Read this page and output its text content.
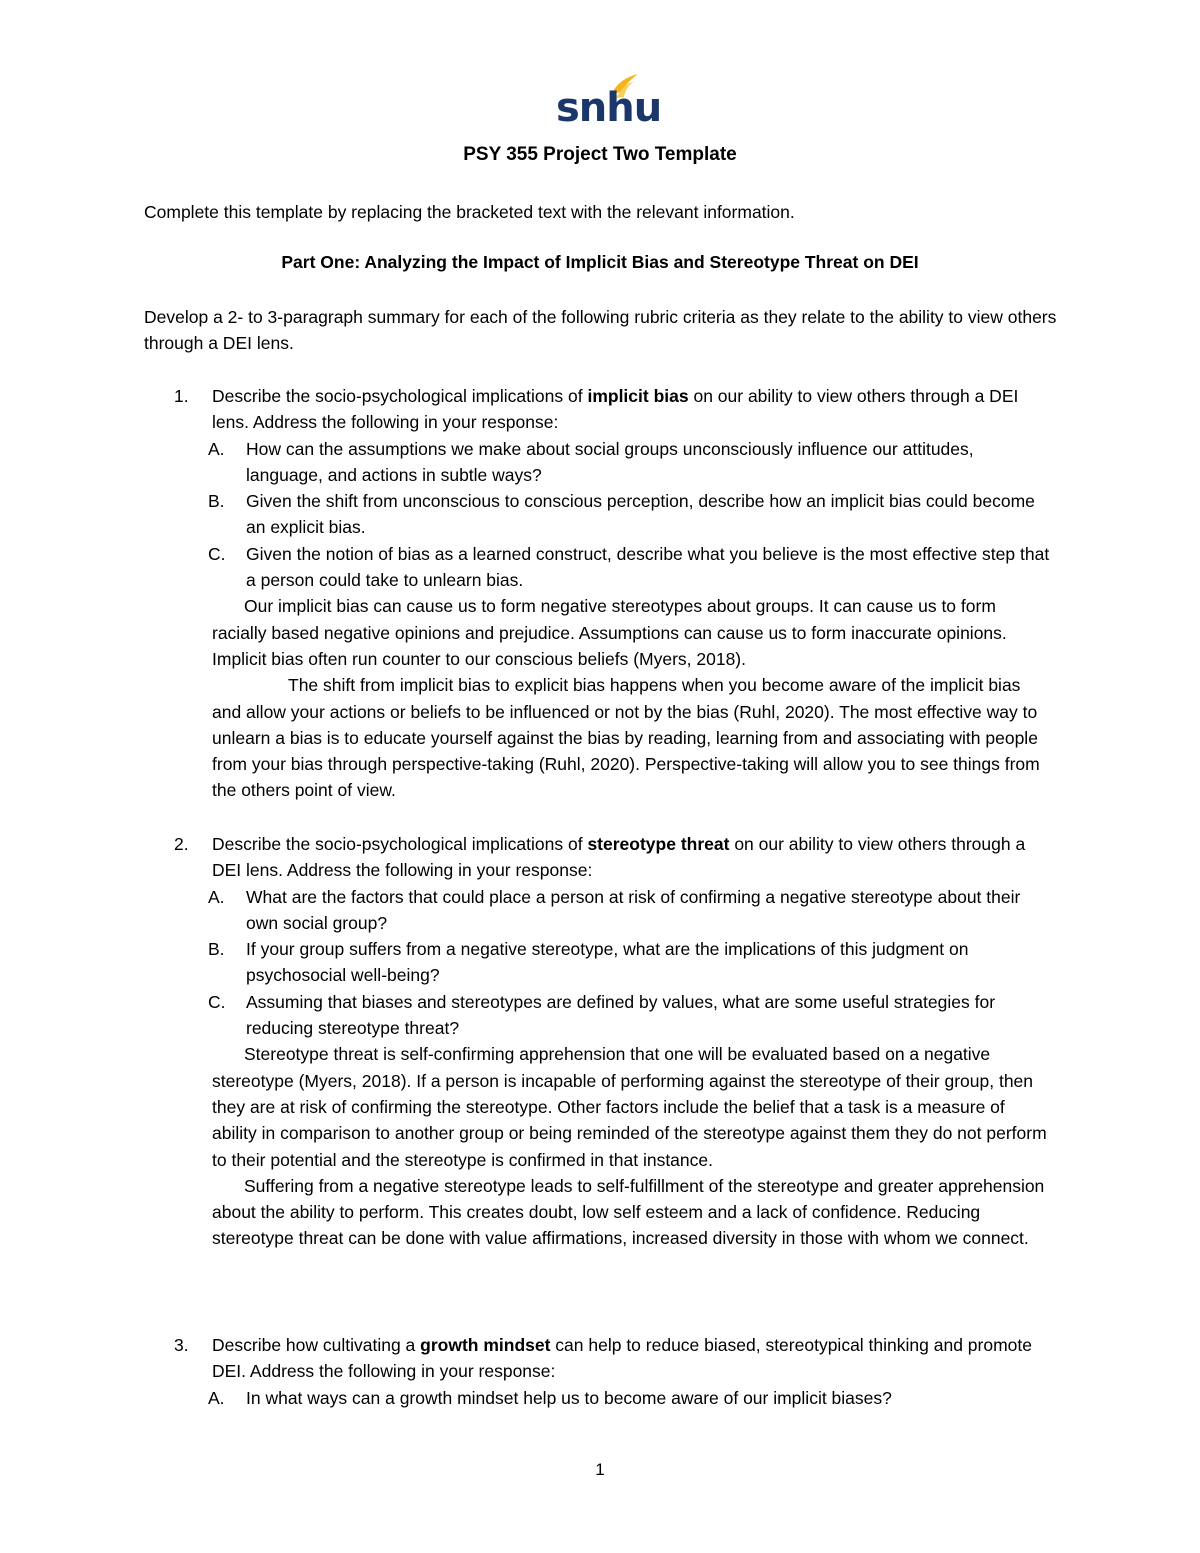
snhu
PSY 355 Project Two Template
Complete this template by replacing the bracketed text with the relevant information.
Part One: Analyzing the Impact of Implicit Bias and Stereotype Threat on DEI
Develop a 2- to 3-paragraph summary for each of the following rubric criteria as they relate to the ability to view others through a DEI lens.
1. Describe the socio-psychological implications of implicit bias on our ability to view others through a DEI lens. Address the following in your response:
A. How can the assumptions we make about social groups unconsciously influence our attitudes, language, and actions in subtle ways?
B. Given the shift from unconscious to conscious perception, describe how an implicit bias could become an explicit bias.
C. Given the notion of bias as a learned construct, describe what you believe is the most effective step that a person could take to unlearn bias.

Our implicit bias can cause us to form negative stereotypes about groups. It can cause us to form racially based negative opinions and prejudice. Assumptions can cause us to form inaccurate opinions. Implicit bias often run counter to our conscious beliefs (Myers, 2018).

The shift from implicit bias to explicit bias happens when you become aware of the implicit bias and allow your actions or beliefs to be influenced or not by the bias (Ruhl, 2020). The most effective way to unlearn a bias is to educate yourself against the bias by reading, learning from and associating with people from your bias through perspective-taking (Ruhl, 2020). Perspective-taking will allow you to see things from the others point of view.

2. Describe the socio-psychological implications of stereotype threat on our ability to view others through a DEI lens. Address the following in your response:
A. What are the factors that could place a person at risk of confirming a negative stereotype about their own social group?
B. If your group suffers from a negative stereotype, what are the implications of this judgment on psychosocial well-being?
C. Assuming that biases and stereotypes are defined by values, what are some useful strategies for reducing stereotype threat?

Stereotype threat is self-confirming apprehension that one will be evaluated based on a negative stereotype (Myers, 2018). If a person is incapable of performing against the stereotype of their group, then they are at risk of confirming the stereotype. Other factors include the belief that a task is a measure of ability in comparison to another group or being reminded of the stereotype against them they do not perform to their potential and the stereotype is confirmed in that instance.

Suffering from a negative stereotype leads to self-fulfillment of the stereotype and greater apprehension about the ability to perform. This creates doubt, low self esteem and a lack of confidence. Reducing stereotype threat can be done with value affirmations, increased diversity in those with whom we connect.

3. Describe how cultivating a growth mindset can help to reduce biased, stereotypical thinking and promote DEI. Address the following in your response:
A. In what ways can a growth mindset help us to become aware of our implicit biases?
1
